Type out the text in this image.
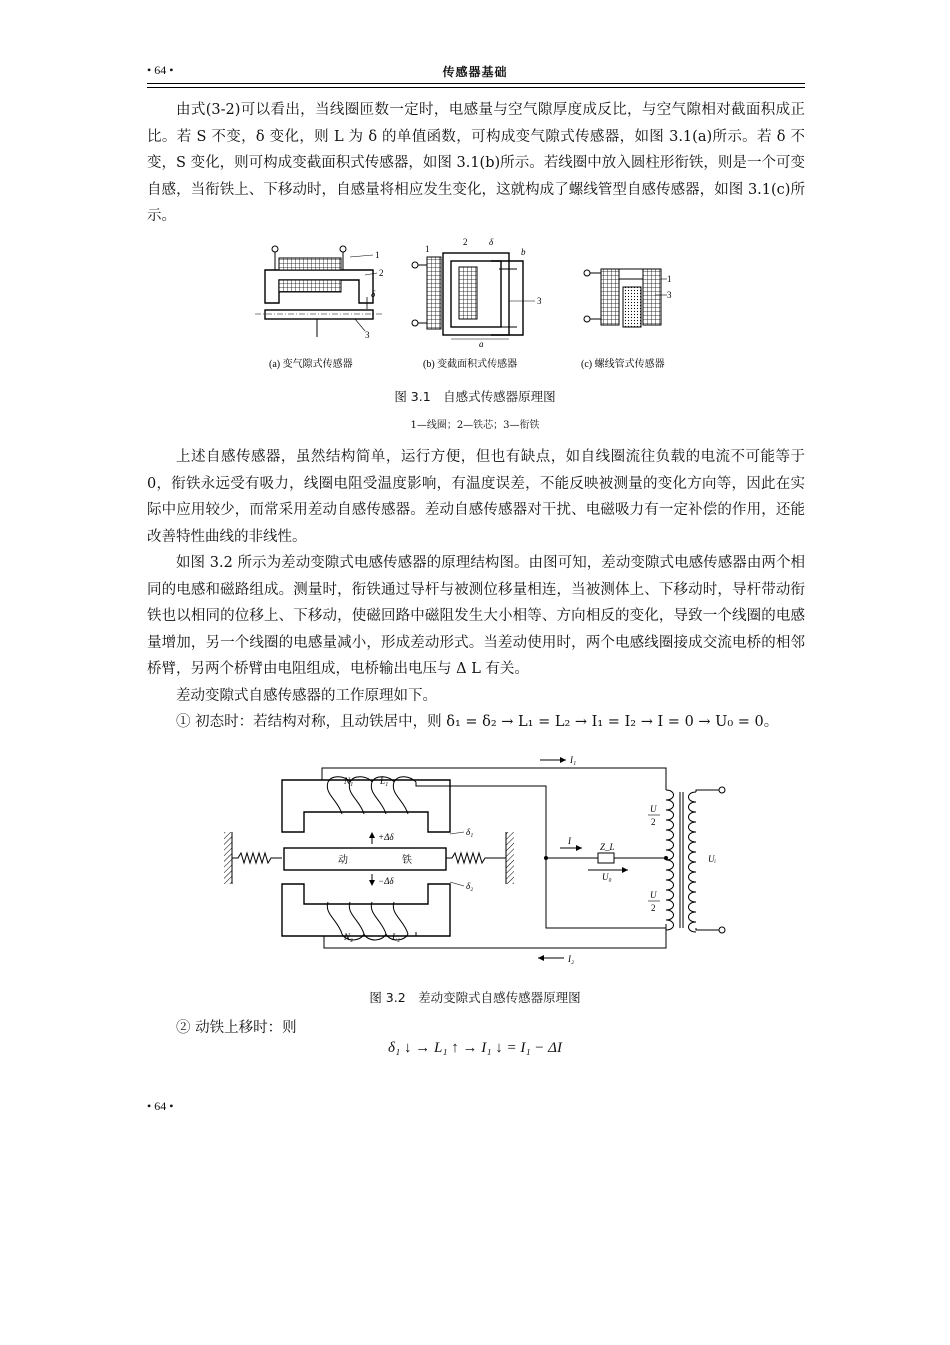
• 64 •	传感器基础

由式(3-2)可以看出，当线圈匝数一定时，电感量与空气隙厚度成反比，与空气隙相对截面积成正比。若 S 不变，δ 变化，则 L 为 δ 的单值函数，可构成变气隙式传感器，如图 3.1(a)所示。若 δ 不变，S 变化，则可构成变截面积式传感器，如图 3.1(b)所示。若线圈中放入圆柱形衔铁，则是一个可变自感，当衔铁上、下移动时，自感量将相应发生变化，这就构成了螺线管型自感传感器，如图 3.1(c)所示。

1
2
3
δ
2
1
δ
b
3
a
1
3
(a) 变气隙式传感器	(b) 变截面积式传感器	(c) 螺线管式传感器
图 3.1　自感式传感器原理图
1—线圈；2—铁芯；3—衔铁

上述自感传感器，虽然结构简单，运行方便，但也有缺点，如自线圈流往负载的电流不可能等于 0，衔铁永远受有吸力，线圈电阻受温度影响，有温度误差，不能反映被测量的变化方向等，因此在实际中应用较少，而常采用差动自感传感器。差动自感传感器对干扰、电磁吸力有一定补偿的作用，还能改善特性曲线的非线性。

如图 3.2 所示为差动变隙式电感传感器的原理结构图。由图可知，差动变隙式电感传感器由两个相同的电感和磁路组成。测量时，衔铁通过导杆与被测位移量相连，当被测体上、下移动时，导杆带动衔铁也以相同的位移上、下移动，使磁回路中磁阻发生大小相等、方向相反的变化，导致一个线圈的电感量增加，另一个线圈的电感量减小，形成差动形式。当差动使用时，两个电感线圈接成交流电桥的相邻桥臂，另两个桥臂由电阻组成，电桥输出电压与 Δ L 有关。

差动变隙式自感传感器的工作原理如下。

① 初态时：若结构对称，且动铁居中，则 δ₁ = δ₂ → L₁ = L₂ → I₁ = I₂ → I = 0 → U₀ = 0。

动	铁
I₁
I₂
I
Z_L
U₀
Uᵢ
U
2
U
2
N₁	L₁
N₂	L₂
+Δδ
−Δδ
δ₁
δ₂
图 3.2　差动变隙式自感传感器原理图

② 动铁上移时：则

δ₁ ↓ → L₁ ↑ → I₁ ↓ = I₁ − ΔI
• 64 •
